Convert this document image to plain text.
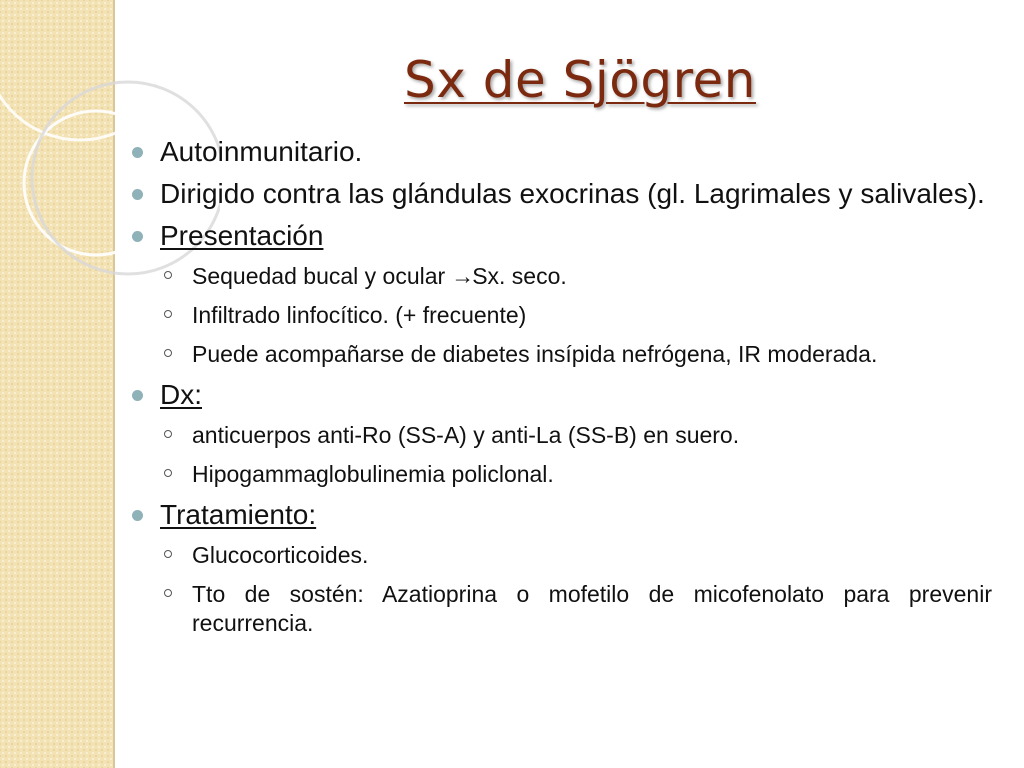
Sx de Sjögren
Autoinmunitario.
Dirigido contra las glándulas exocrinas (gl. Lagrimales y salivales).
Presentación
Sequedad bucal y ocular →Sx. seco.
Infiltrado linfocítico. (+ frecuente)
Puede acompañarse de diabetes insípida nefrógena, IR moderada.
Dx:
anticuerpos anti-Ro (SS-A) y anti-La (SS-B) en suero.
Hipogammaglobulinemia policlonal.
Tratamiento:
Glucocorticoides.
Tto de sostén: Azatioprina o mofetilo de micofenolato para prevenir recurrencia.
